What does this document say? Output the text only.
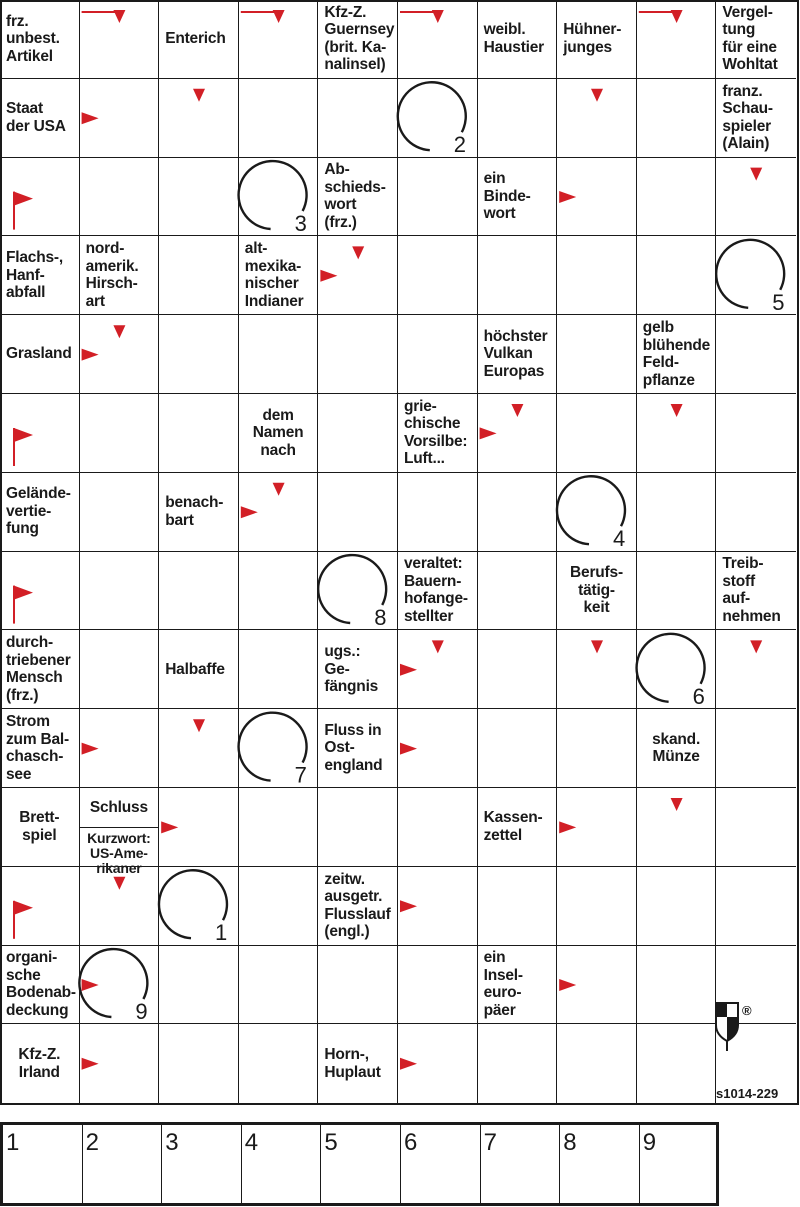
frz.
unbest.
Artikel
Enterich
Kfz-Z.
Guernsey
(brit. Ka-
nalinsel)
weibl.
Haustier
Hühner-
junges
Vergel-
tung
für eine
Wohltat
Staat
der USA
franz.
Schau-
spieler
(Alain)
Ab-
schieds-
wort
(frz.)
ein
Binde-
wort
Flachs-,
Hanf-
abfall
nord-
amerik.
Hirsch-
art
alt-
mexika-
nischer
Indianer
Grasland
höchster
Vulkan
Europas
gelb
blühende
Feld-
pflanze
dem
Namen
nach
grie-
chische
Vorsilbe:
Luft...
Gelände-
vertie-
fung
benach-
bart
veraltet:
Bauern-
hofange-
stellter
Berufs-
tätig-
keit
Treib-
stoff
auf-
nehmen
durch-
triebener
Mensch
(frz.)
Halbaffe
ugs.:
Ge-
fängnis
Strom
zum Bal-
chasch-
see
Fluss in
Ost-
england
skand.
Münze
Brett-
spiel
Schluss
Kurzwort:
US-Ame-
rikaner
Kassen-
zettel
zeitw.
ausgetr.
Flusslauf
(engl.)
organi-
sche
Bodenab-
deckung
ein
Insel-
euro-
päer
Kfz-Z.
Irland
Horn-,
Huplaut
1
2
3
4
5
6
7
8
9	®
s1014-229
1	2	3	4	5	6	7	8	9
